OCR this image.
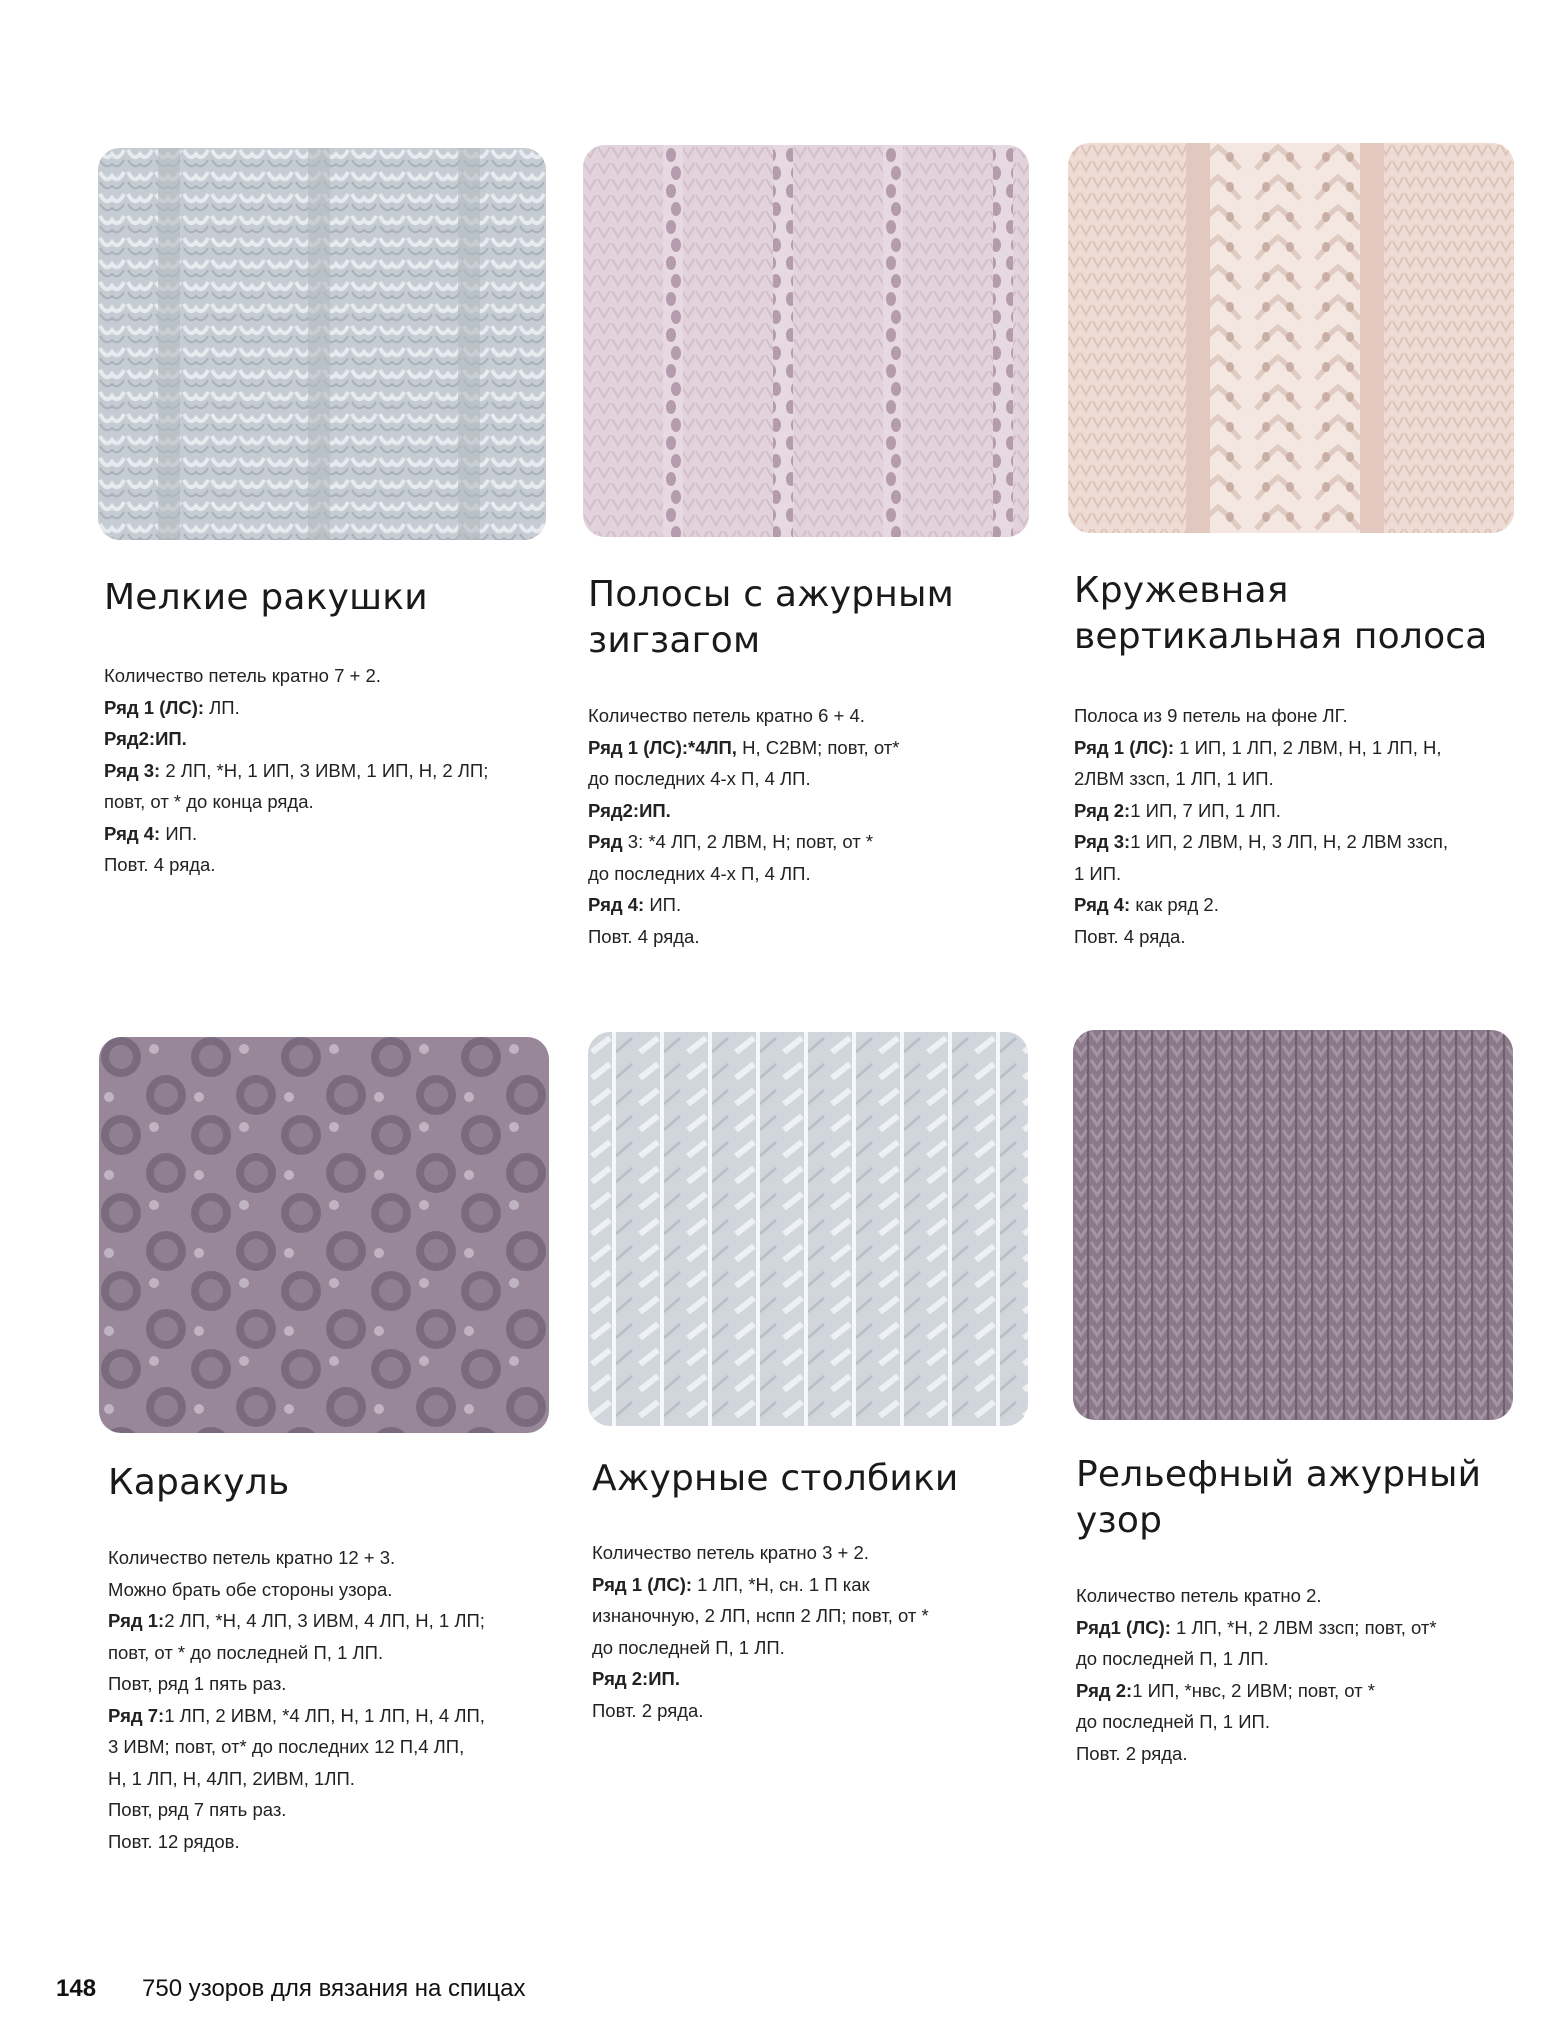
Мелкие ракушки

Количество петель кратно 7 + 2.

Ряд 1 (ЛС): ЛП.

Ряд2:ИП.

Ряд 3: 2 ЛП, *Н, 1 ИП, 3 ИВМ, 1 ИП, Н, 2 ЛП;

повт, от * до конца ряда.

Ряд 4: ИП.

Повт. 4 ряда.

Полосы с ажурным зигзагом

Количество петель кратно 6 + 4.

Ряд 1 (ЛС):*4ЛП, Н, С2ВМ; повт, от*

до последних 4-х П, 4 ЛП.

Ряд2:ИП.

Ряд 3: *4 ЛП, 2 ЛВМ, Н; повт, от *

до последних 4-х П, 4 ЛП.

Ряд 4: ИП.

Повт. 4 ряда.

Кружевная вертикальная полоса

Полоса из 9 петель на фоне ЛГ.

Ряд 1 (ЛС): 1 ИП, 1 ЛП, 2 ЛВМ, Н, 1 ЛП, Н,

2ЛВМ ззсп, 1 ЛП, 1 ИП.

Ряд 2:1 ИП, 7 ИП, 1 ЛП.

Ряд 3:1 ИП, 2 ЛВМ, Н, 3 ЛП, Н, 2 ЛВМ ззсп,

1 ИП.

Ряд 4: как ряд 2.

Повт. 4 ряда.

Каракуль

Количество петель кратно 12 + 3.

Можно брать обе стороны узора.

Ряд 1:2 ЛП, *Н, 4 ЛП, 3 ИВМ, 4 ЛП, Н, 1 ЛП;

повт, от * до последней П, 1 ЛП.

Повт, ряд 1 пять раз.

Ряд 7:1 ЛП, 2 ИВМ, *4 ЛП, Н, 1 ЛП, Н, 4 ЛП,

3 ИВМ; повт, от* до последних 12 П,4 ЛП,

Н, 1 ЛП, Н, 4ЛП, 2ИВМ, 1ЛП.

Повт, ряд 7 пять раз.

Повт. 12 рядов.

Ажурные столбики

Количество петель кратно 3 + 2.

Ряд 1 (ЛС): 1 ЛП, *Н, сн. 1 П как

изнаночную, 2 ЛП, нспп 2 ЛП; повт, от *

до последней П, 1 ЛП.

Ряд 2:ИП.

Повт. 2 ряда.

Рельефный ажурный узор

Количество петель кратно 2.

Ряд1 (ЛС): 1 ЛП, *Н, 2 ЛВМ ззсп; повт, от*

до последней П, 1 ЛП.

Ряд 2:1 ИП, *нвс, 2 ИВМ; повт, от *

до последней П, 1 ИП.

Повт. 2 ряда.

148 750 узоров для вязания на спицах
